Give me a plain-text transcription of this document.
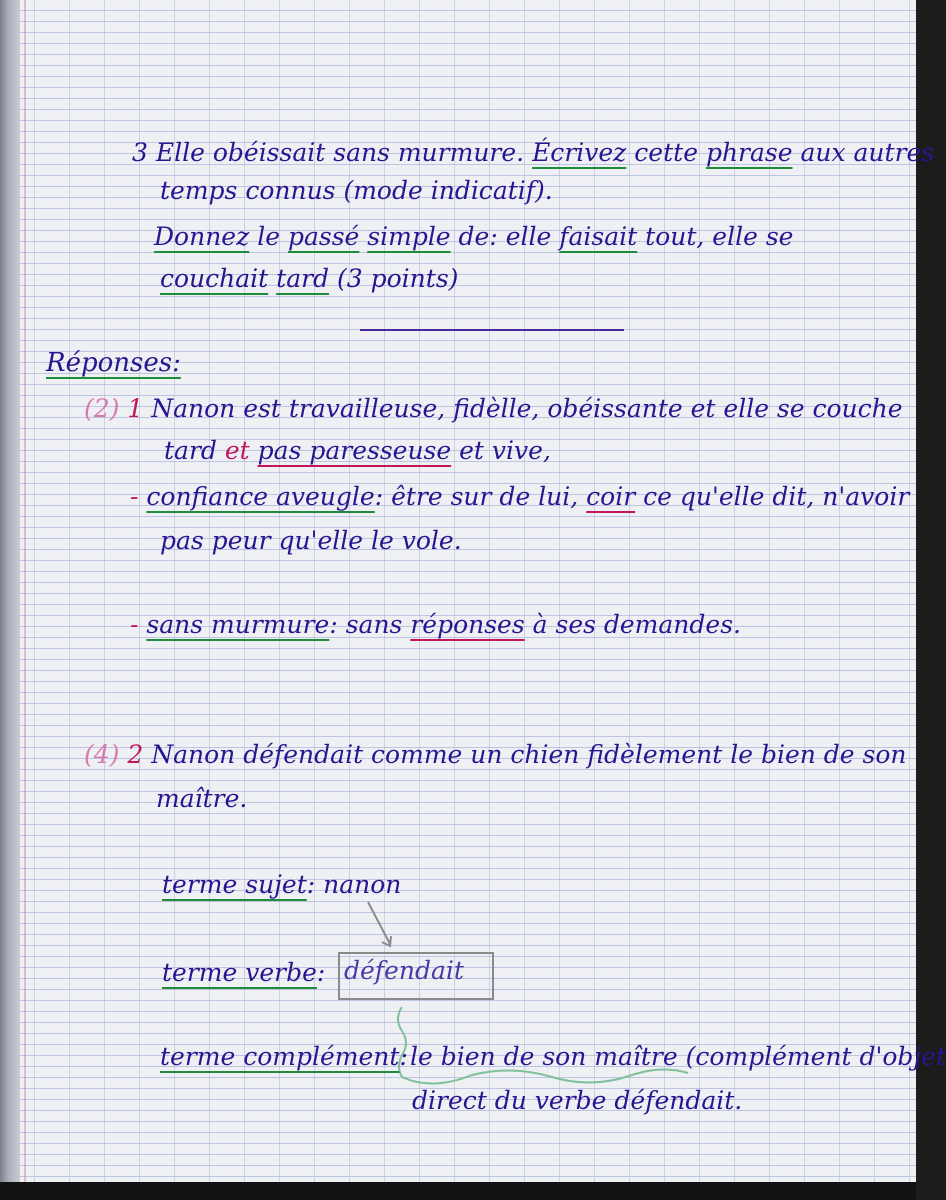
3 Elle obéissait sans murmure. Écrivez cette phrase aux autres
temps connus (mode indicatif).
Donnez le passé simple de: elle faisait tout, elle se
couchait tard (3 points)
Réponses:
(2) 1 Nanon est travailleuse, fidèlle, obéissante et elle se couche
tard et pas paresseuse et vive,
- confiance aveugle: être sur de lui, coir ce qu'elle dit, n'avoir
pas peur qu'elle le vole.
- sans murmure: sans réponses à ses demandes.
(4) 2 Nanon défendait comme un chien fidèlement le bien de son
maître.
terme sujet: nanon
terme verbe: défendait
terme complément: le bien de son maître (complément d'objet
direct du verbe défendait.
